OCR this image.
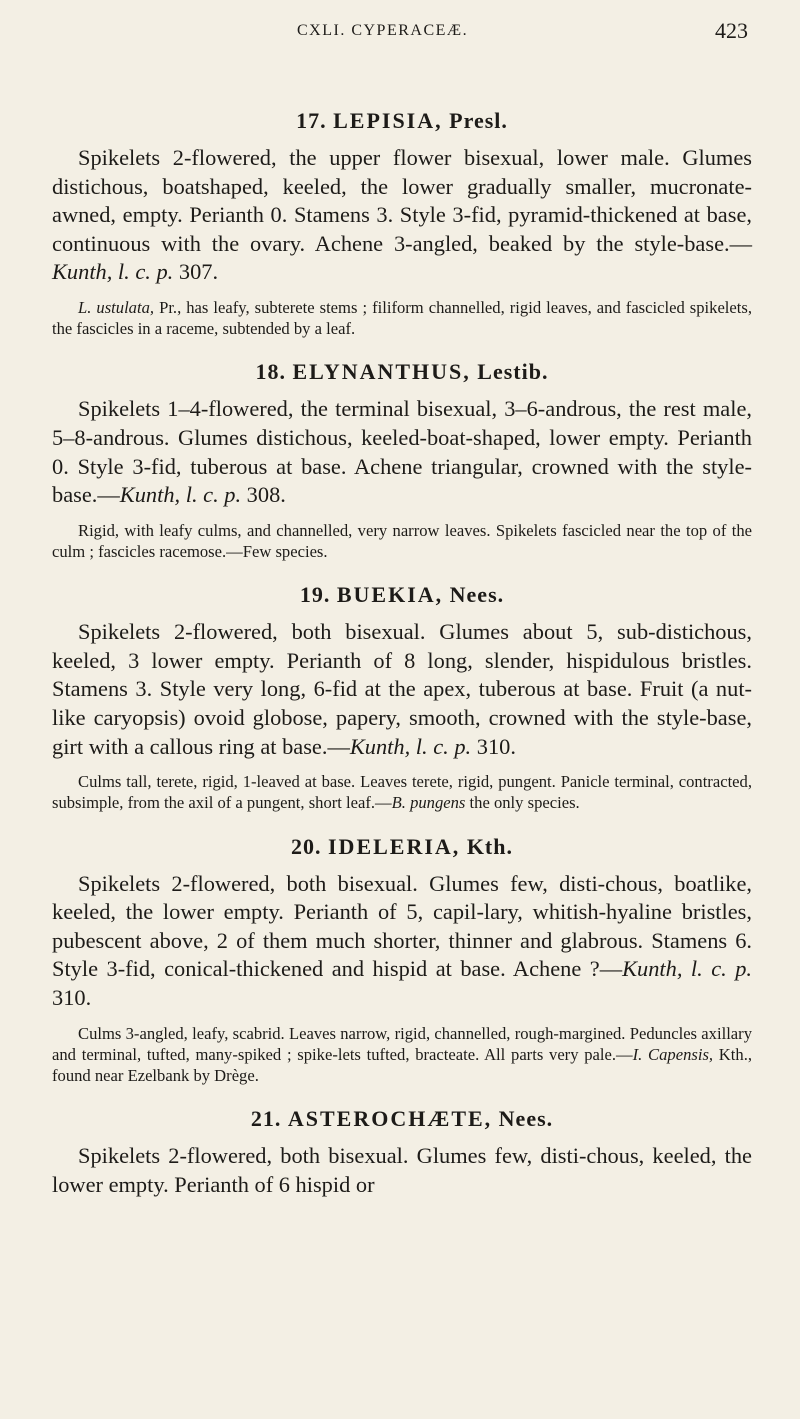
CXLI. CYPERACEÆ.	423
17. LEPISIA, Presl.

Spikelets 2-flowered, the upper flower bisexual, lower male. Glumes distichous, boatshaped, keeled, the lower gradually smaller, mucronate-awned, empty. Perianth 0. Stamens 3. Style 3-fid, pyramid-thickened at base, continuous with the ovary. Achene 3-angled, beaked by the style-base.—Kunth, l. c. p. 307.

L. ustulata, Pr., has leafy, subterete stems ; filiform channelled, rigid leaves, and fascicled spikelets, the fascicles in a raceme, subtended by a leaf.

18. ELYNANTHUS, Lestib.

Spikelets 1–4-flowered, the terminal bisexual, 3–6-androus, the rest male, 5–8-androus. Glumes distichous, keeled-boat-shaped, lower empty. Perianth 0. Style 3-fid, tuberous at base. Achene triangular, crowned with the style-base.—Kunth, l. c. p. 308.

Rigid, with leafy culms, and channelled, very narrow leaves. Spikelets fascicled near the top of the culm ; fascicles racemose.—Few species.

19. BUEKIA, Nees.

Spikelets 2-flowered, both bisexual. Glumes about 5, sub-distichous, keeled, 3 lower empty. Perianth of 8 long, slender, hispidulous bristles. Stamens 3. Style very long, 6-fid at the apex, tuberous at base. Fruit (a nut-like caryopsis) ovoid globose, papery, smooth, crowned with the style-base, girt with a callous ring at base.—Kunth, l. c. p. 310.

Culms tall, terete, rigid, 1-leaved at base. Leaves terete, rigid, pungent. Panicle terminal, contracted, subsimple, from the axil of a pungent, short leaf.—B. pungens the only species.

20. IDELERIA, Kth.

Spikelets 2-flowered, both bisexual. Glumes few, disti-chous, boatlike, keeled, the lower empty. Perianth of 5, capil-lary, whitish-hyaline bristles, pubescent above, 2 of them much shorter, thinner and glabrous. Stamens 6. Style 3-fid, conical-thickened and hispid at base. Achene ?—Kunth, l. c. p. 310.

Culms 3-angled, leafy, scabrid. Leaves narrow, rigid, channelled, rough-margined. Peduncles axillary and terminal, tufted, many-spiked ; spike-lets tufted, bracteate. All parts very pale.—I. Capensis, Kth., found near Ezelbank by Drège.

21. ASTEROCHÆTE, Nees.

Spikelets 2-flowered, both bisexual. Glumes few, disti-chous, keeled, the lower empty. Perianth of 6 hispid or
